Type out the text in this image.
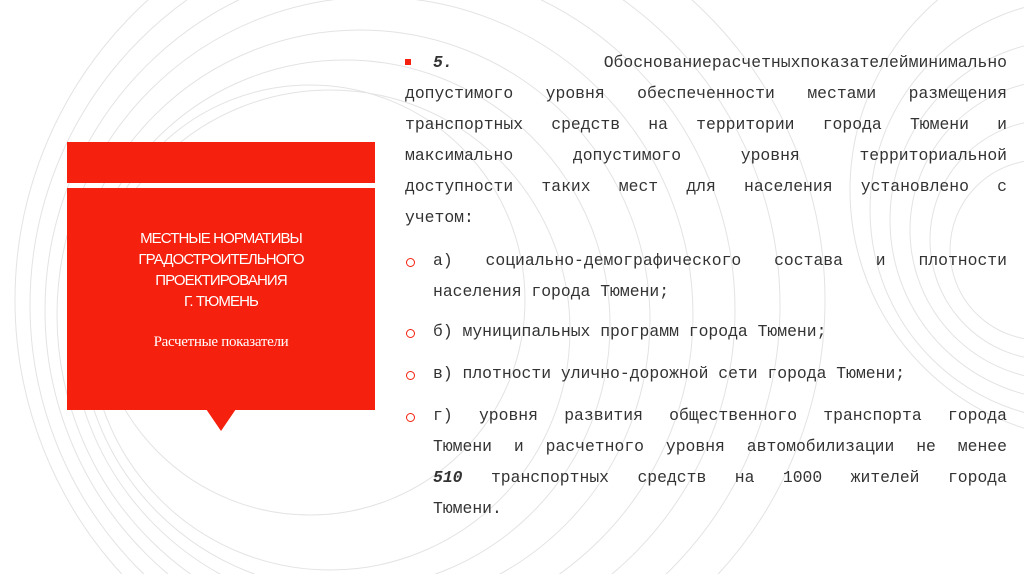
МЕСТНЫЕ НОРМАТИВЫ
ГРАДОСТРОИТЕЛЬНОГО
ПРОЕКТИРОВАНИЯ
Г. ТЮМЕНЬ
Расчетные показатели
5.	Обоснованиерасчетныхпоказателейминимально
допустимого уровня обеспеченности местами размещения
транспортных средств на территории города Тюмени и
максимально	допустимого	уровня	территориальной
доступности таких мест для населения установлено с
учетом:
а) социально-демографического состава и плотности
населения города Тюмени;
б) муниципальных программ города Тюмени;
в) плотности улично-дорожной сети города Тюмени;
г) уровня развития общественного транспорта города
Тюмени и расчетного уровня автомобилизации не менее
510 транспортных средств на 1000 жителей города
Тюмени.
